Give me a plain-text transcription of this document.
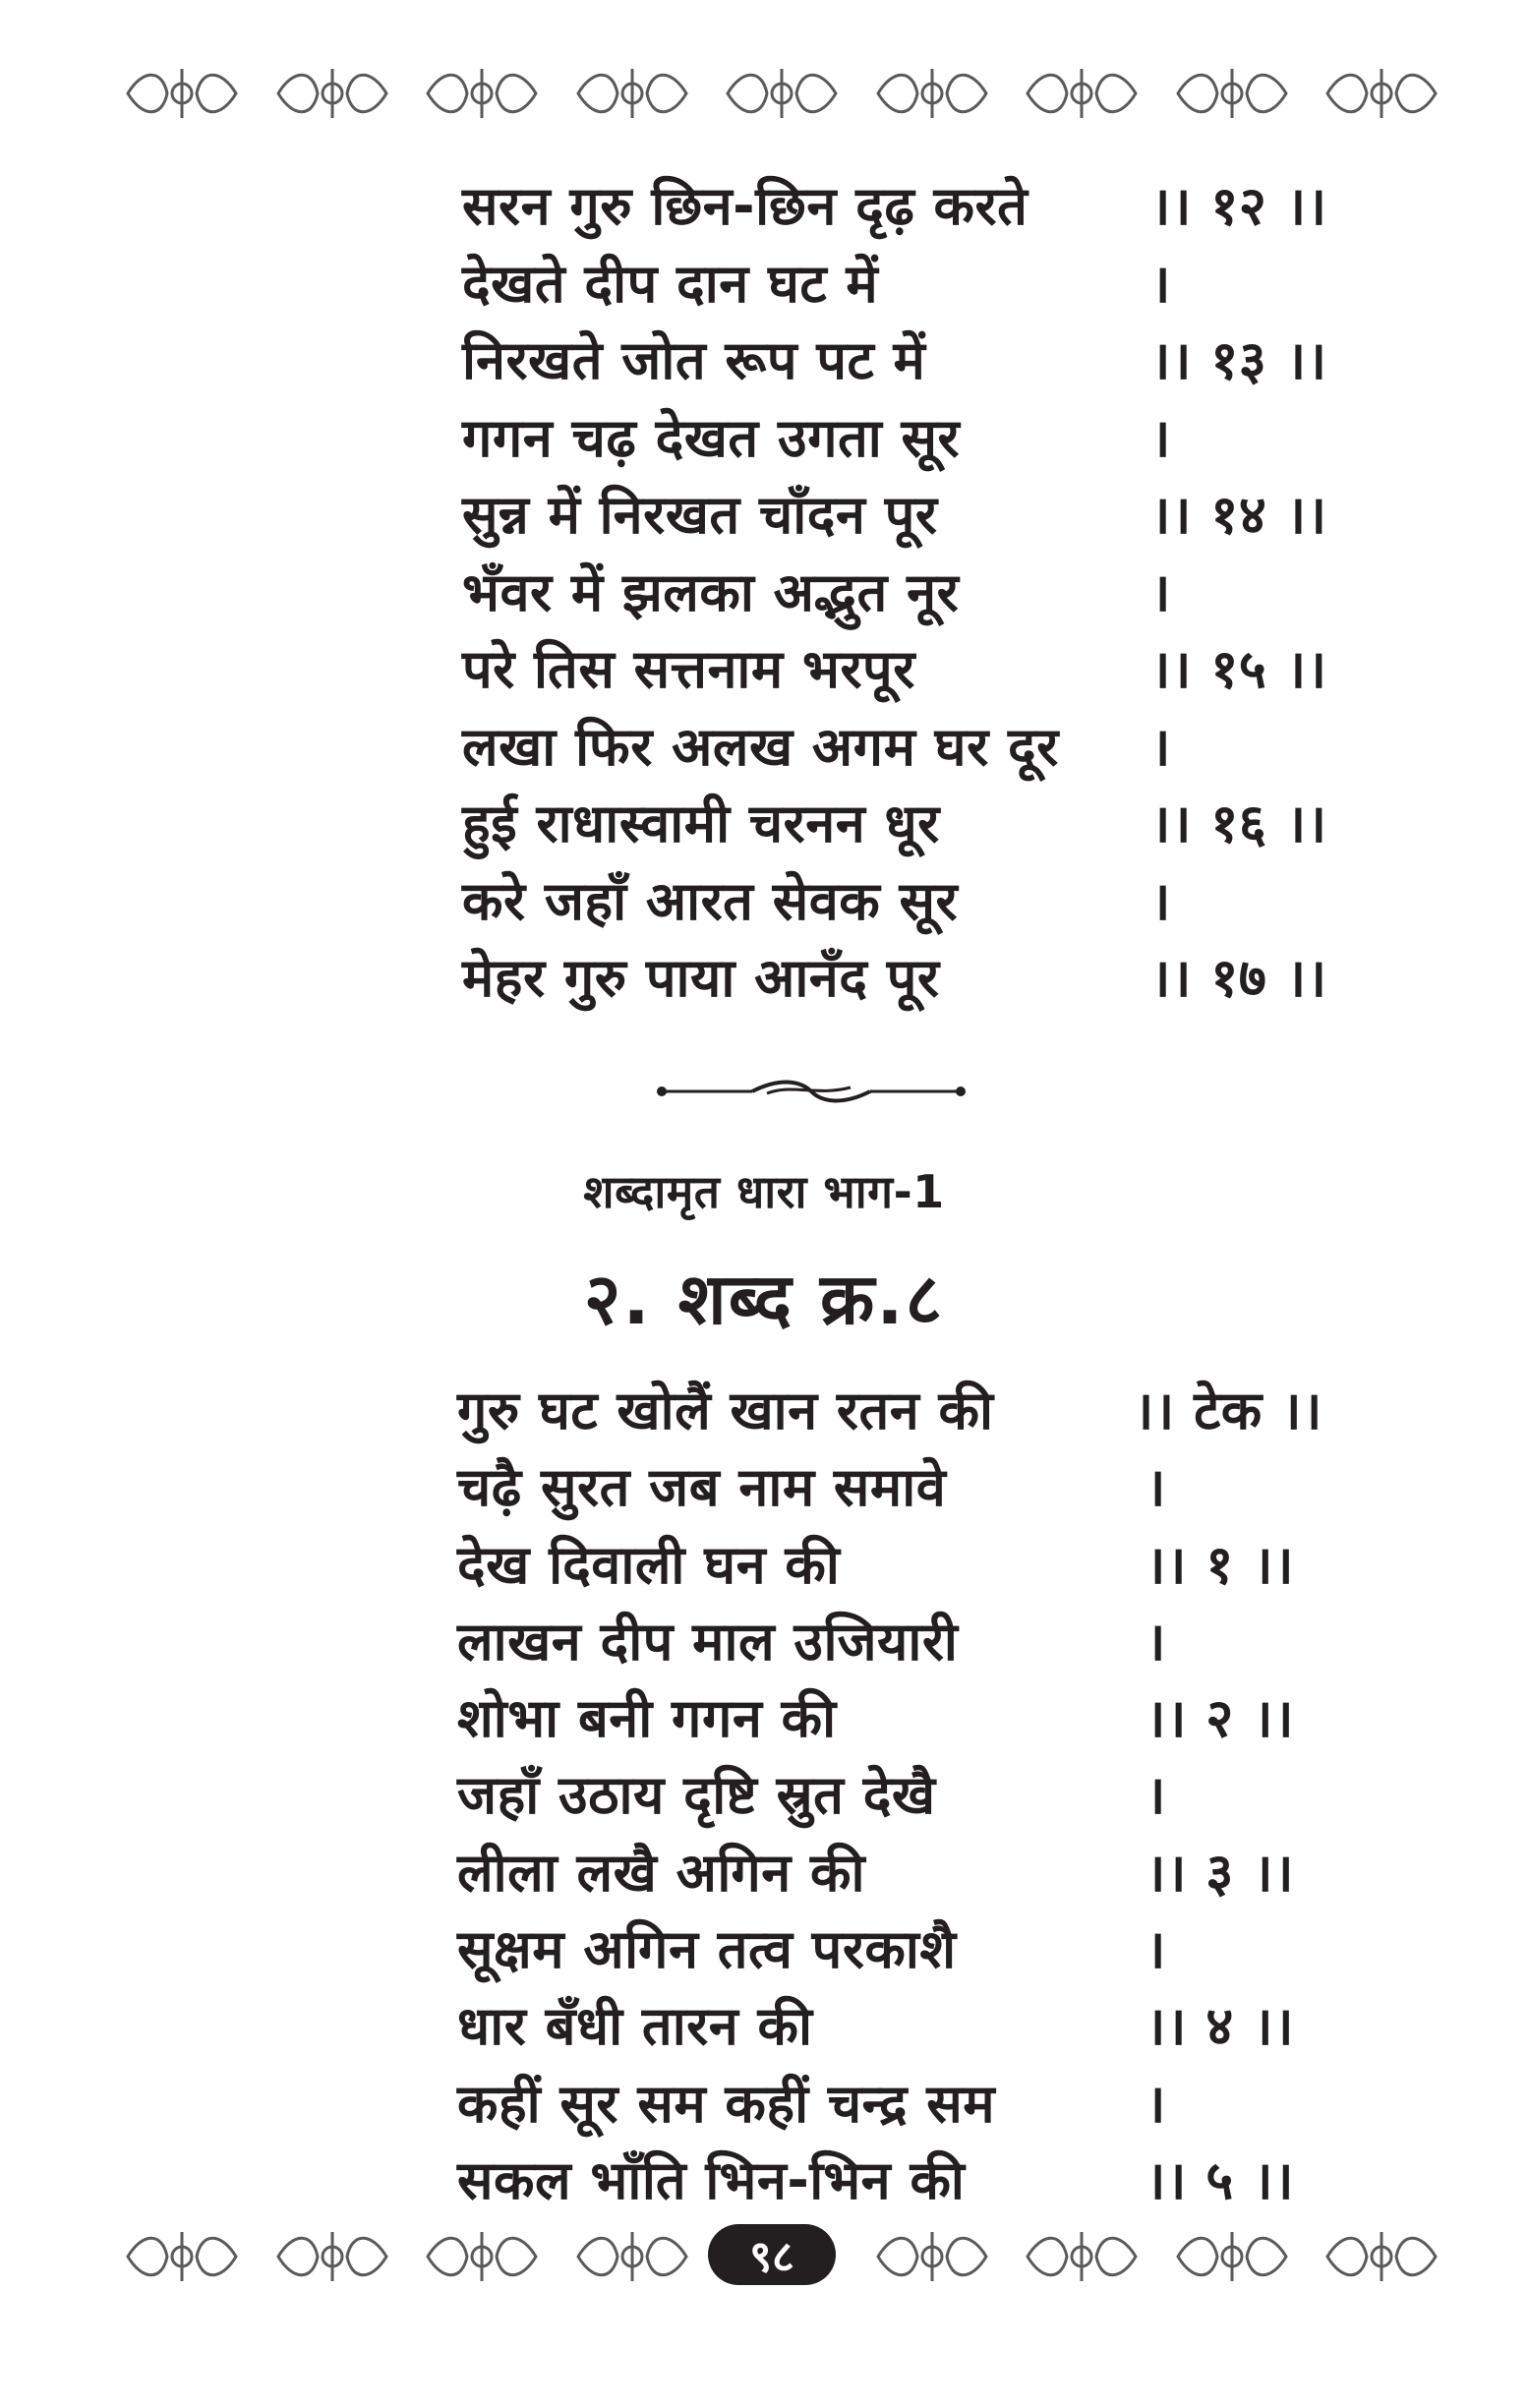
सरन गुरु छिन-छिन दृढ़ करते ।। १२ ।।
देखते दीप दान घट में	।
निरखते जोत रूप पट में	।। १३ ।।
गगन चढ़ देखत उगता सूर	।
सुन्न में निरखत चाँदन पूर	।। १४ ।।
भँवर में झलका अद्भुत नूर	।
परे तिस सत्तनाम भरपूर	।। १५ ।।
लखा फिर अलख अगम घर दूर ।
हुई राधास्वामी चरनन धूर	।। १६ ।।
करे जहाँ आरत सेवक सूर	।
मेहर गुरु पाया आनँद पूर	।। १७ ।।
शब्दामृत धारा भाग-1
२. शब्द क्र.८
गुरु घट खोलैं खान रतन की	।। टेक ।।
चढ़ै सुरत जब नाम समावे	।
देख दिवाली घन की	।। १ ।।
लाखन दीप माल उजियारी	।
शोभा बनी गगन की	।। २ ।।
जहाँ उठाय दृष्टि स्रुत देखै	।
लीला लखै अगिन की	।। ३ ।।
सूक्षम अगिन तत्व परकाशै	।
धार बँधी तारन की	।। ४ ।।
कहीं सूर सम कहीं चन्द्र सम	।
सकल भाँति भिन-भिन की	।। ५ ।।
९८
